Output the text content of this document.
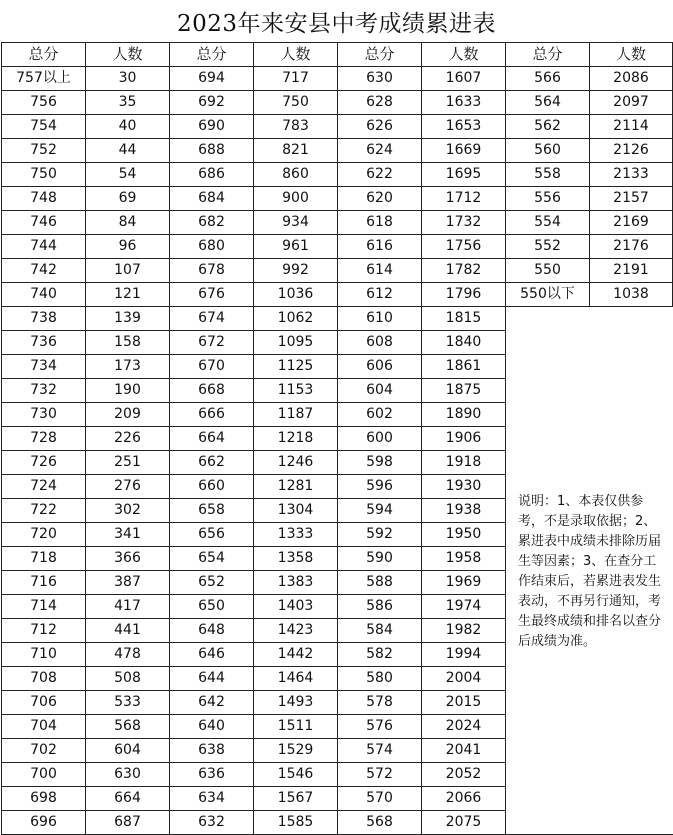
2023年来安县中考成绩累进表
总分	人数	总分	人数	总分	人数	总分	人数
757以上	30	694	717	630	1607	566	2086
756	35	692	750	628	1633	564	2097
754	40	690	783	626	1653	562	2114
752	44	688	821	624	1669	560	2126
750	54	686	860	622	1695	558	2133
748	69	684	900	620	1712	556	2157
746	84	682	934	618	1732	554	2169
744	96	680	961	616	1756	552	2176
742	107	678	992	614	1782	550	2191
740	121	676	1036	612	1796	550以下	1038
738	139	674	1062	610	1815	说明：1、本表仅供参考，不是录取依据；2、累进表中成绩未排除历届生等因素；3、在查分工作结束后，若累进表发生表动，不再另行通知，考生最终成绩和排名以查分后成绩为准。	
736	158	672	1095	608	1840		
734	173	670	1125	606	1861		
732	190	668	1153	604	1875		
730	209	666	1187	602	1890		
728	226	664	1218	600	1906		
726	251	662	1246	598	1918		
724	276	660	1281	596	1930		
722	302	658	1304	594	1938		
720	341	656	1333	592	1950		
718	366	654	1358	590	1958		
716	387	652	1383	588	1969		
714	417	650	1403	586	1974		
712	441	648	1423	584	1982		
710	478	646	1442	582	1994		
708	508	644	1464	580	2004		
706	533	642	1493	578	2015		
704	568	640	1511	576	2024		
702	604	638	1529	574	2041		
700	630	636	1546	572	2052		
698	664	634	1567	570	2066		
696	687	632	1585	568	2075		
